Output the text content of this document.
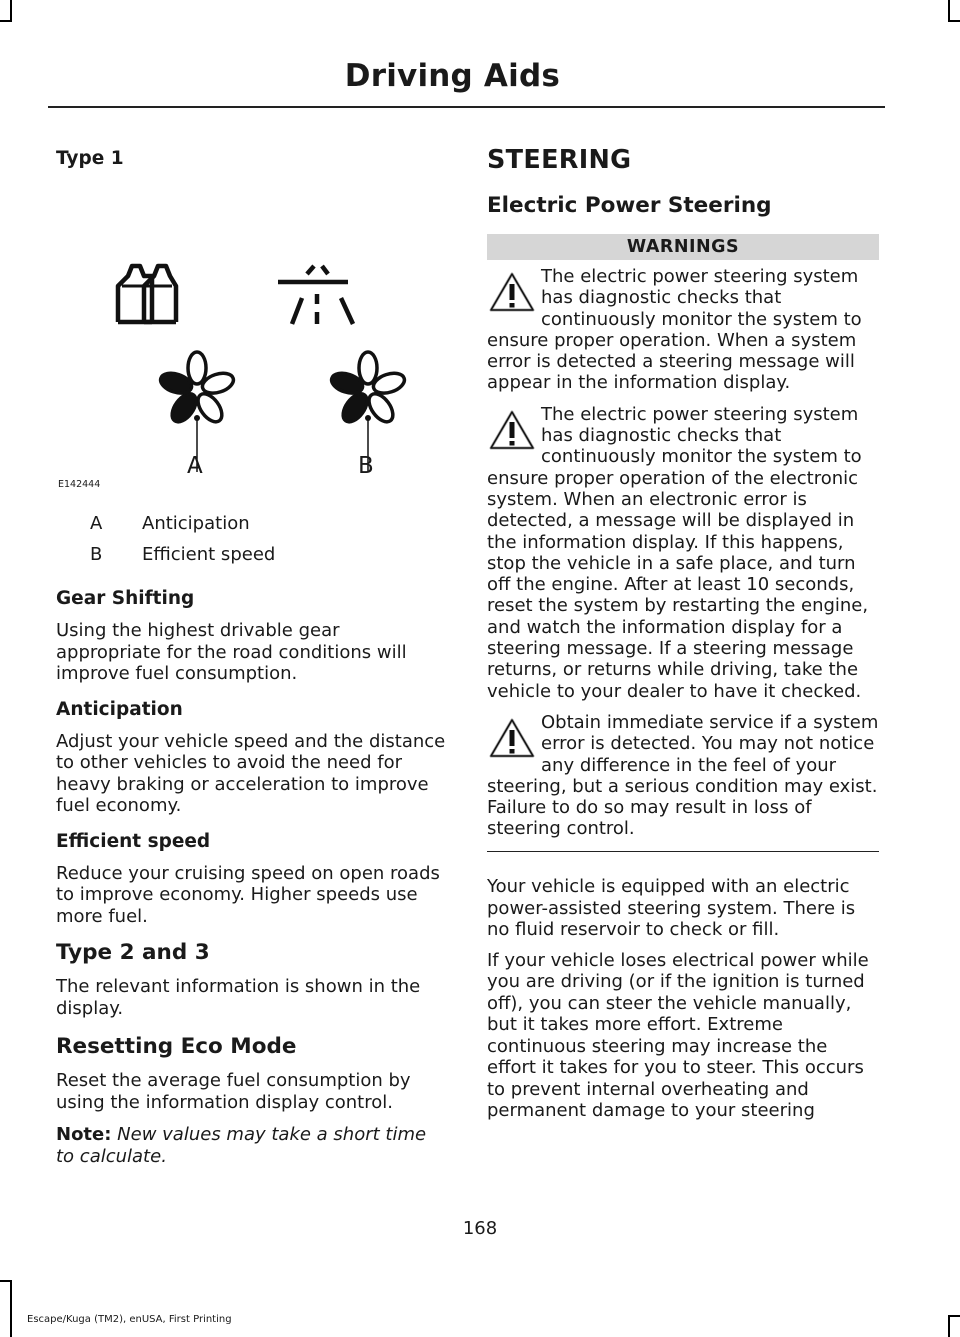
Driving Aids
Type 1
A	B
E142444
A	Anticipation
B	Efficient speed
Gear Shifting

Using the highest drivable gear appropriate for the road conditions will improve fuel consumption.

Anticipation

Adjust your vehicle speed and the distance to other vehicles to avoid the need for heavy braking or acceleration to improve fuel economy.

Efficient speed

Reduce your cruising speed on open roads to improve economy. Higher speeds use more fuel.

Type 2 and 3

The relevant information is shown in the display.

Resetting Eco Mode

Reset the average fuel consumption by using the information display control.

Note: New values may take a short time to calculate.

STEERING
Electric Power Steering
WARNINGS

The electric power steering system has diagnostic checks that continuously monitor the system to ensure proper operation. When a system error is detected a steering message will appear in the information display.

The electric power steering system has diagnostic checks that continuously monitor the system to ensure proper operation of the electronic system. When an electronic error is detected, a message will be displayed in the information display. If this happens, stop the vehicle in a safe place, and turn off the engine. After at least 10 seconds, reset the system by restarting the engine, and watch the information display for a steering message. If a steering message returns, or returns while driving, take the vehicle to your dealer to have it checked.

Obtain immediate service if a system error is detected. You may not notice any difference in the feel of your steering, but a serious condition may exist. Failure to do so may result in loss of steering control.

Your vehicle is equipped with an electric power-assisted steering system. There is no fluid reservoir to check or fill.

If your vehicle loses electrical power while you are driving (or if the ignition is turned off), you can steer the vehicle manually, but it takes more effort. Extreme continuous steering may increase the effort it takes for you to steer. This occurs to prevent internal overheating and permanent damage to your steering

168
Escape/Kuga (TM2), enUSA, First Printing
